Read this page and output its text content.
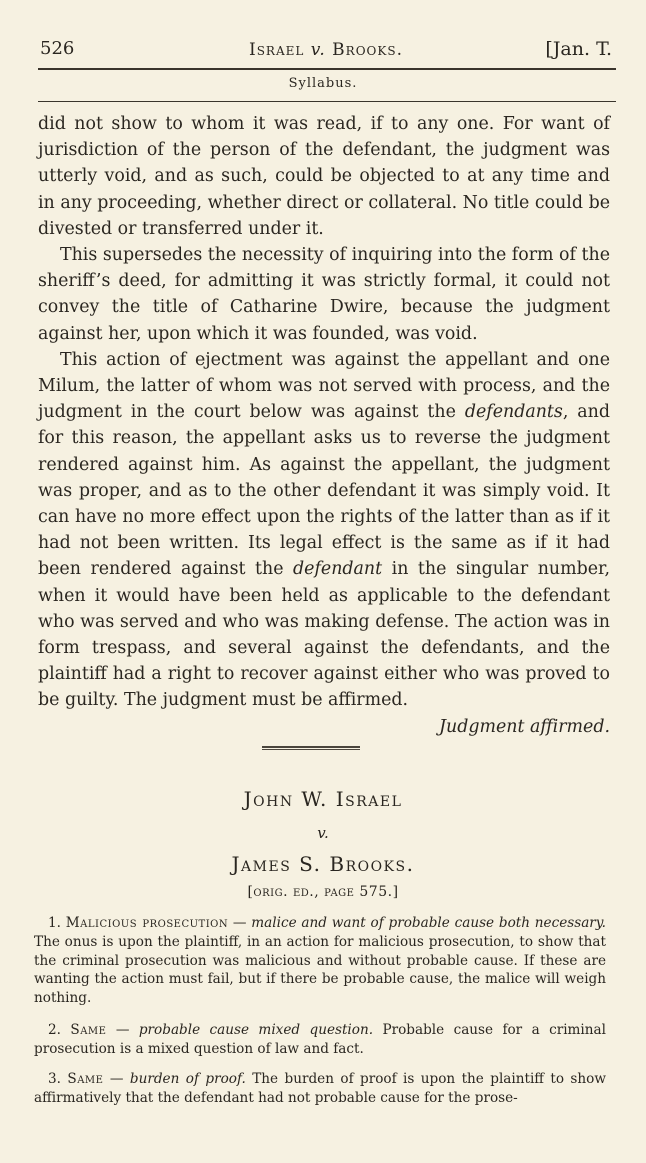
526	Israel v. Brooks.	[Jan. T.
Syllabus.

did not show to whom it was read, if to any one. For want of jurisdiction of the person of the defendant, the judgment was utterly void, and as such, could be objected to at any time and in any proceeding, whether direct or collateral. No title could be divested or transferred under it.

This supersedes the necessity of inquiring into the form of the sheriff’s deed, for admitting it was strictly formal, it could not convey the title of Catharine Dwire, because the judgment against her, upon which it was founded, was void.

This action of ejectment was against the appellant and one Milum, the latter of whom was not served with process, and the judgment in the court below was against the defendants, and for this reason, the appellant asks us to reverse the judgment rendered against him. As against the appellant, the judgment was proper, and as to the other defendant it was simply void. It can have no more effect upon the rights of the latter than as if it had not been written. Its legal effect is the same as if it had been rendered against the defendant in the singular number, when it would have been held as applicable to the defendant who was served and who was making defense. The action was in form trespass, and several against the defendants, and the plaintiff had a right to recover against either who was proved to be guilty. The judgment must be affirmed.

Judgment affirmed.
John W. Israel
v.
James S. Brooks.
[orig. ed., page 575.]

1. Malicious prosecution — malice and want of probable cause both necessary. The onus is upon the plaintiff, in an action for malicious prosecution, to show that the criminal prosecution was malicious and without probable cause. If these are wanting the action must fail, but if there be probable cause, the malice will weigh nothing.

2. Same — probable cause mixed question. Probable cause for a criminal prosecution is a mixed question of law and fact.

3. Same — burden of proof. The burden of proof is upon the plaintiff to show affirmatively that the defendant had not probable cause for the prose-
